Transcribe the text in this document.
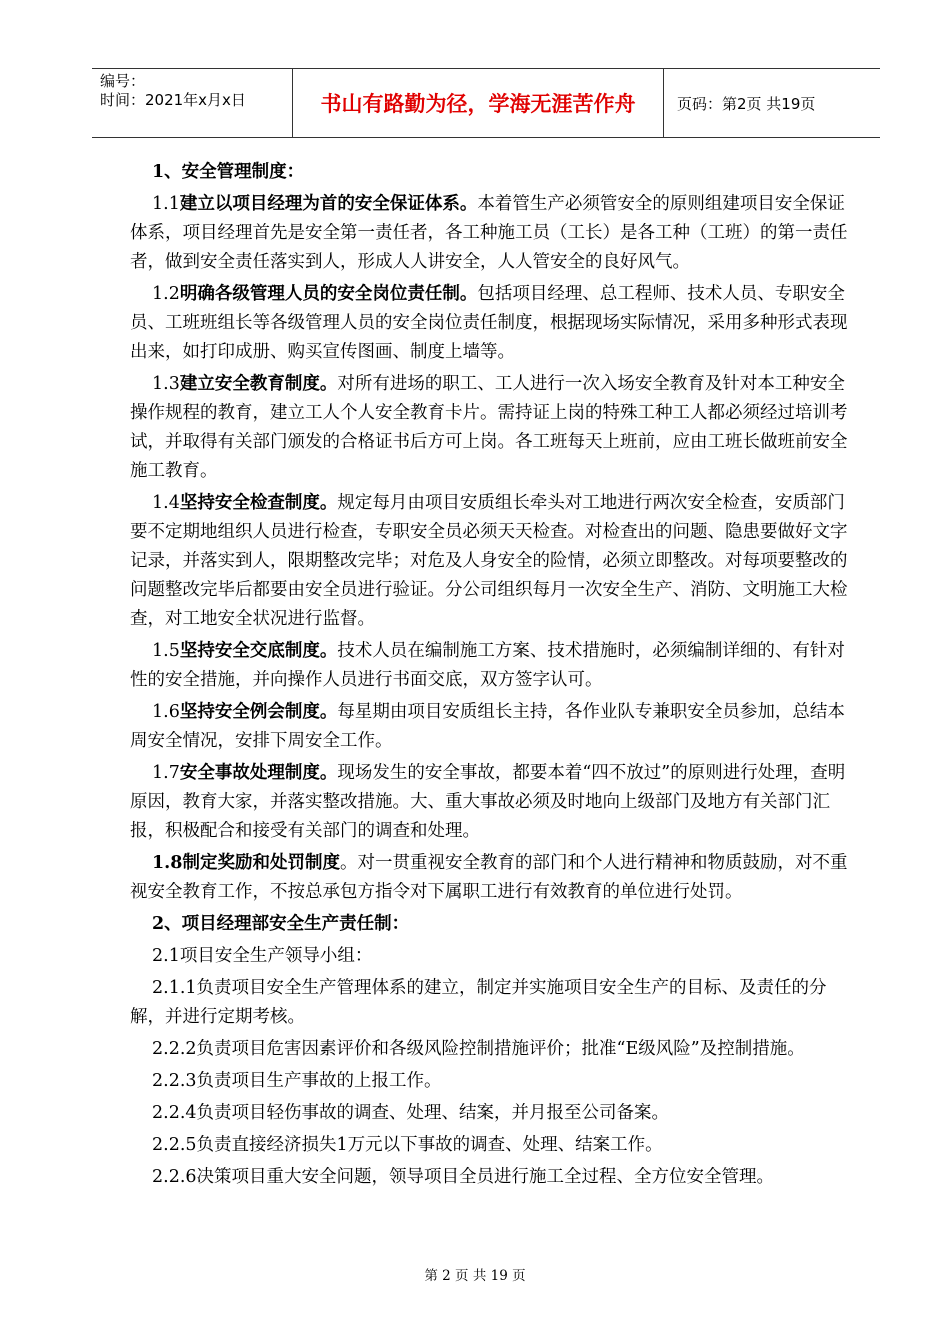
编号：
时间：2021年x月x日	书山有路勤为径，学海无涯苦作舟	页码：第2页 共19页

1、安全管理制度：

1.1建立以项目经理为首的安全保证体系。本着管生产必须管安全的原则组建项目安全保证体系，项目经理首先是安全第一责任者，各工种施工员（工长）是各工种（工班）的第一责任者，做到安全责任落实到人，形成人人讲安全，人人管安全的良好风气。

1.2明确各级管理人员的安全岗位责任制。包括项目经理、总工程师、技术人员、专职安全员、工班班组长等各级管理人员的安全岗位责任制度，根据现场实际情况，采用多种形式表现出来，如打印成册、购买宣传图画、制度上墙等。

1.3建立安全教育制度。对所有进场的职工、工人进行一次入场安全教育及针对本工种安全操作规程的教育，建立工人个人安全教育卡片。需持证上岗的特殊工种工人都必须经过培训考试，并取得有关部门颁发的合格证书后方可上岗。各工班每天上班前，应由工班长做班前安全施工教育。

1.4坚持安全检查制度。规定每月由项目安质组长牵头对工地进行两次安全检查，安质部门要不定期地组织人员进行检查，专职安全员必须天天检查。对检查出的问题、隐患要做好文字记录，并落实到人，限期整改完毕；对危及人身安全的险情，必须立即整改。对每项要整改的问题整改完毕后都要由安全员进行验证。分公司组织每月一次安全生产、消防、文明施工大检查，对工地安全状况进行监督。

1.5坚持安全交底制度。技术人员在编制施工方案、技术措施时，必须编制详细的、有针对性的安全措施，并向操作人员进行书面交底，双方签字认可。

1.6坚持安全例会制度。每星期由项目安质组长主持，各作业队专兼职安全员参加，总结本周安全情况，安排下周安全工作。

1.7安全事故处理制度。现场发生的安全事故，都要本着“四不放过”的原则进行处理，查明原因，教育大家，并落实整改措施。大、重大事故必须及时地向上级部门及地方有关部门汇报，积极配合和接受有关部门的调查和处理。

1.8制定奖励和处罚制度。对一贯重视安全教育的部门和个人进行精神和物质鼓励，对不重视安全教育工作，不按总承包方指令对下属职工进行有效教育的单位进行处罚。

2、项目经理部安全生产责任制：

2.1项目安全生产领导小组：

2.1.1负责项目安全生产管理体系的建立，制定并实施项目安全生产的目标、及责任的分解，并进行定期考核。

2.2.2负责项目危害因素评价和各级风险控制措施评价；批准“E级风险”及控制措施。

2.2.3负责项目生产事故的上报工作。

2.2.4负责项目轻伤事故的调查、处理、结案，并月报至公司备案。

2.2.5负责直接经济损失1万元以下事故的调查、处理、结案工作。

2.2.6决策项目重大安全问题，领导项目全员进行施工全过程、全方位安全管理。

第 2 页 共 19 页
